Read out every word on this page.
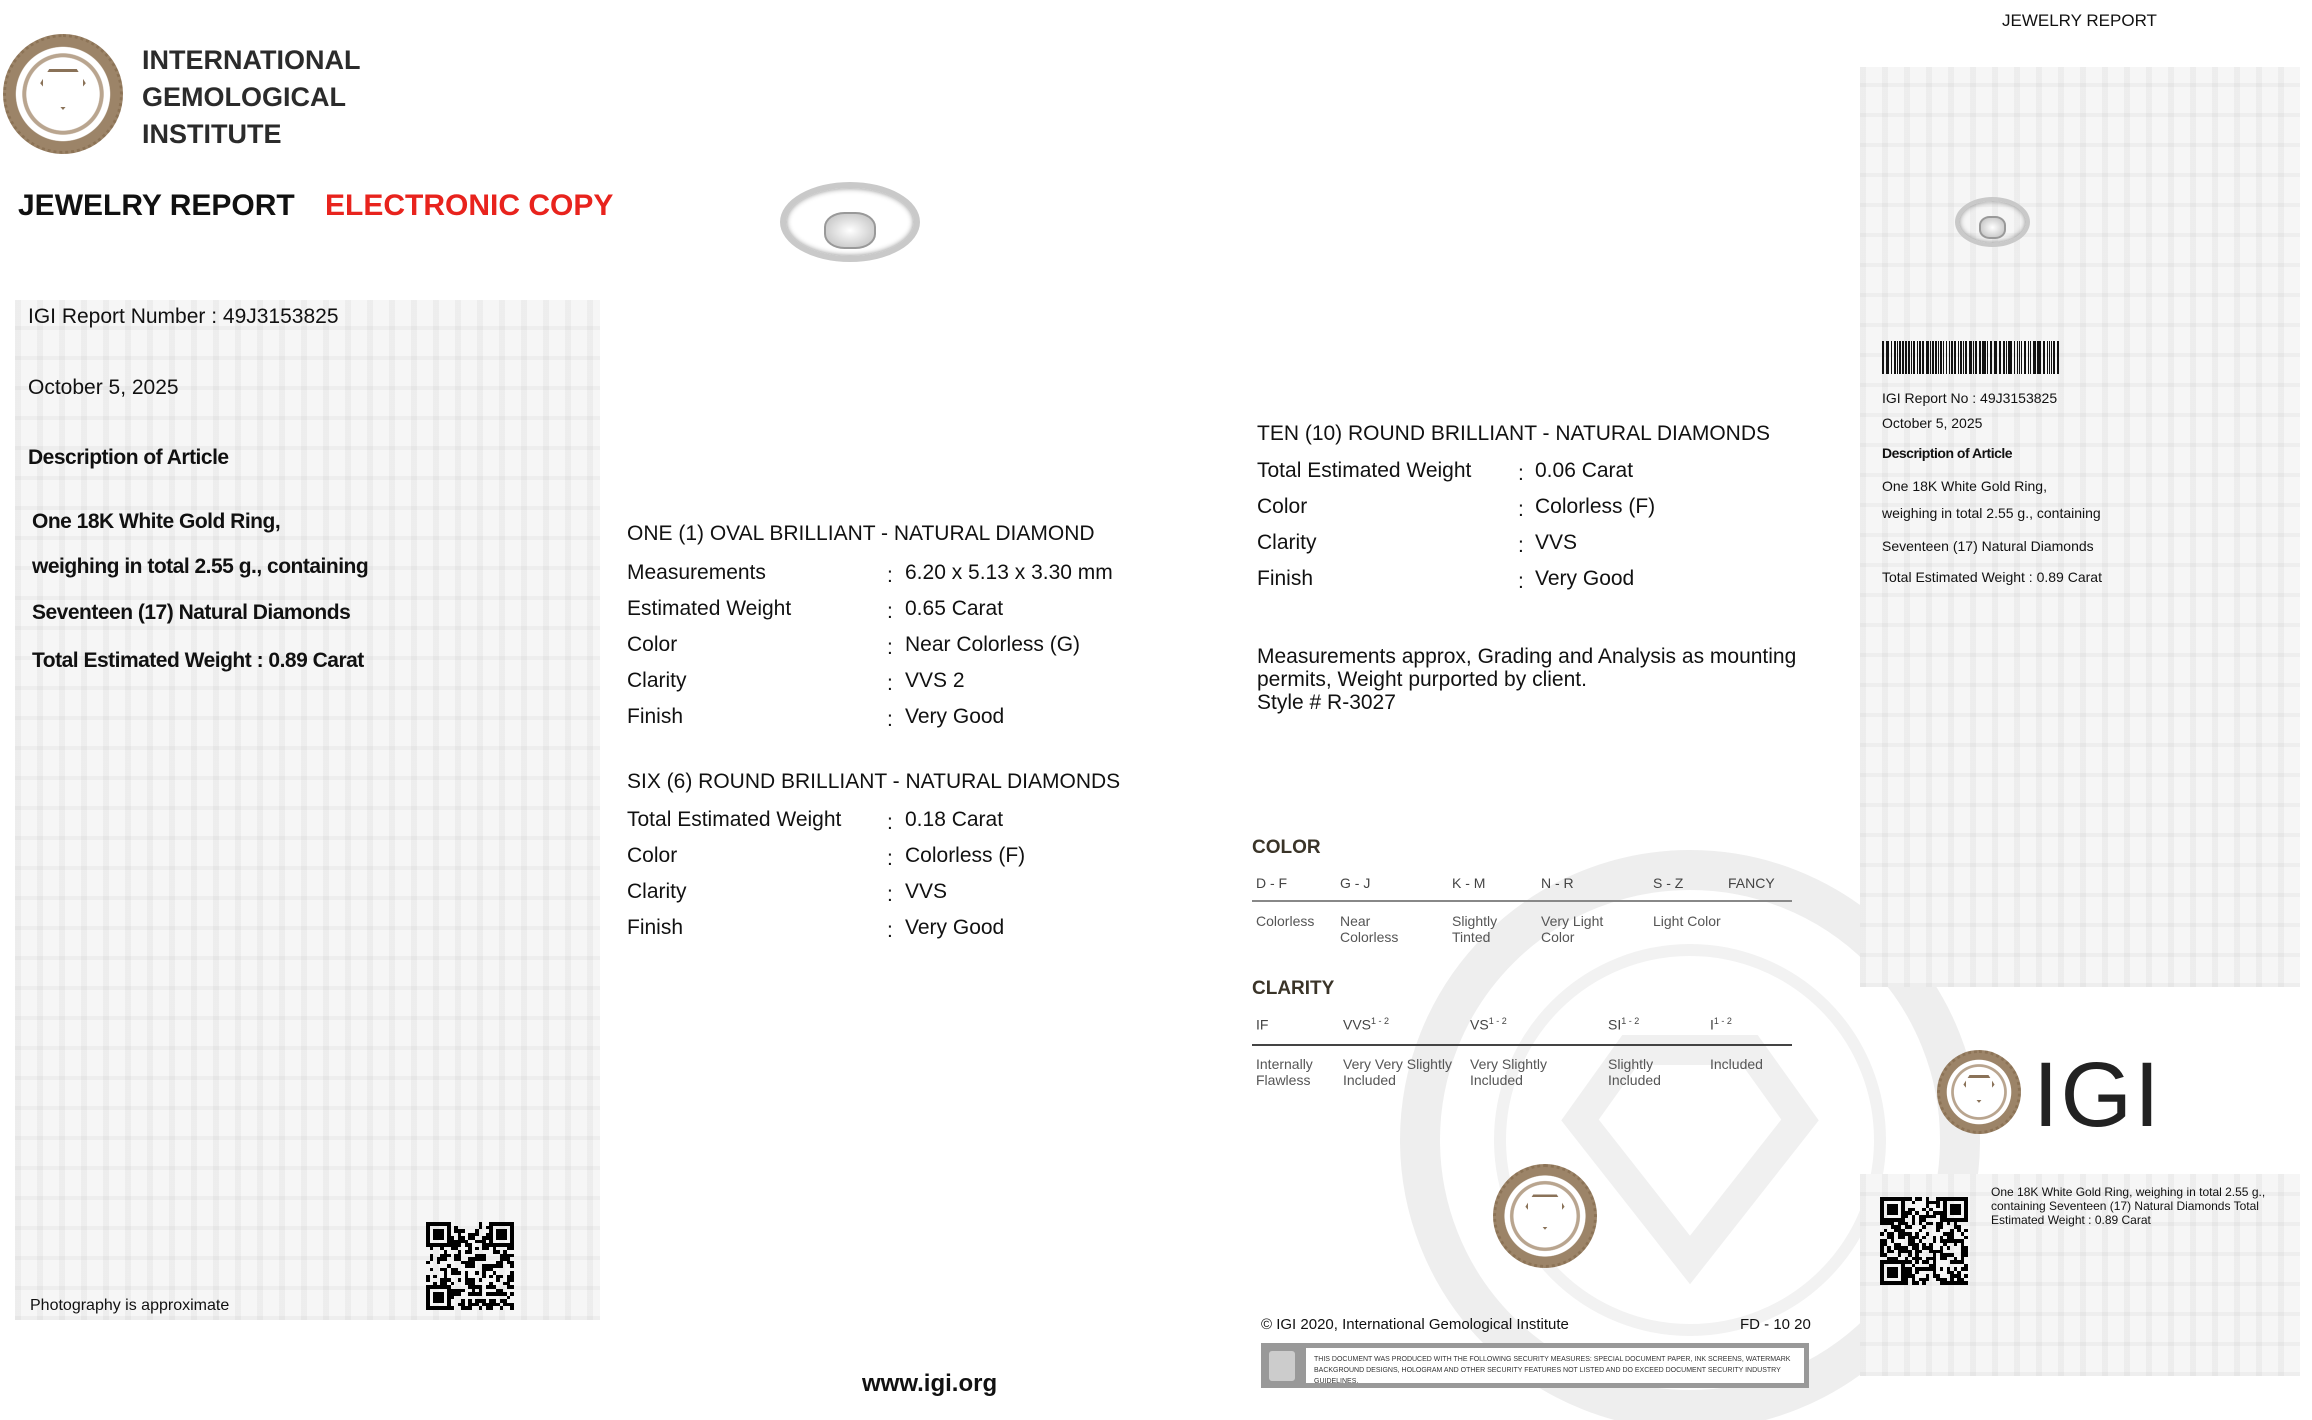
INTERNATIONAL
GEMOLOGICAL
INSTITUTE
JEWELRY REPORT ELECTRONIC COPY
IGI Report Number : 49J3153825
October 5, 2025
Description of Article
One 18K White Gold Ring,
weighing in total 2.55 g., containing
Seventeen (17) Natural Diamonds
Total Estimated Weight : 0.89 Carat
Photography is approximate
ONE (1) OVAL BRILLIANT - NATURAL DIAMOND
Measurements	: 6.20 x 5.13 x 3.30 mm
Estimated Weight	: 0.65 Carat
Color	: Near Colorless (G)
Clarity	: VVS 2
Finish	: Very Good
SIX (6) ROUND BRILLIANT - NATURAL DIAMONDS
Total Estimated Weight : 0.18 Carat
Color	: Colorless (F)
Clarity	: VVS
Finish	: Very Good
www.igi.org
TEN (10) ROUND BRILLIANT - NATURAL DIAMONDS
Total Estimated Weight : 0.06 Carat
Color	: Colorless (F)
Clarity	: VVS
Finish	: Very Good
Measurements approx, Grading and Analysis as mounting
permits, Weight purported by client.
Style # R-3027
COLOR
D - F
Colorless
G - J
Near Colorless
K - M
Slightly Tinted
N - R
Very Light Color
S - Z
Light Color
FANCY
CLARITY
IF
Internally Flawless
VVS$^{1 - 2}$
Very Very Slightly Included
VS$^{1 - 2}$
Very Slightly Included
SI$^{1 - 2}$
Slightly Included
$I^{1 - 2}$
Included
© IGI 2020, International Gemological Institute	FD - 10 20
THIS DOCUMENT WAS PRODUCED WITH THE FOLLOWING SECURITY MEASURES: SPECIAL DOCUMENT PAPER, INK SCREENS, WATERMARK BACKGROUND DESIGNS, HOLOGRAM AND OTHER SECURITY FEATURES NOT LISTED AND DO EXCEED DOCUMENT SECURITY INDUSTRY GUIDELINES.
JEWELRY REPORT
IGI Report No : 49J3153825
October 5, 2025
Description of Article
One 18K White Gold Ring,
weighing in total 2.55 g., containing
Seventeen (17) Natural Diamonds
Total Estimated Weight : 0.89 Carat
IGI
One 18K White Gold Ring, weighing in total 2.55 g., containing Seventeen (17) Natural Diamonds Total Estimated Weight : 0.89 Carat
